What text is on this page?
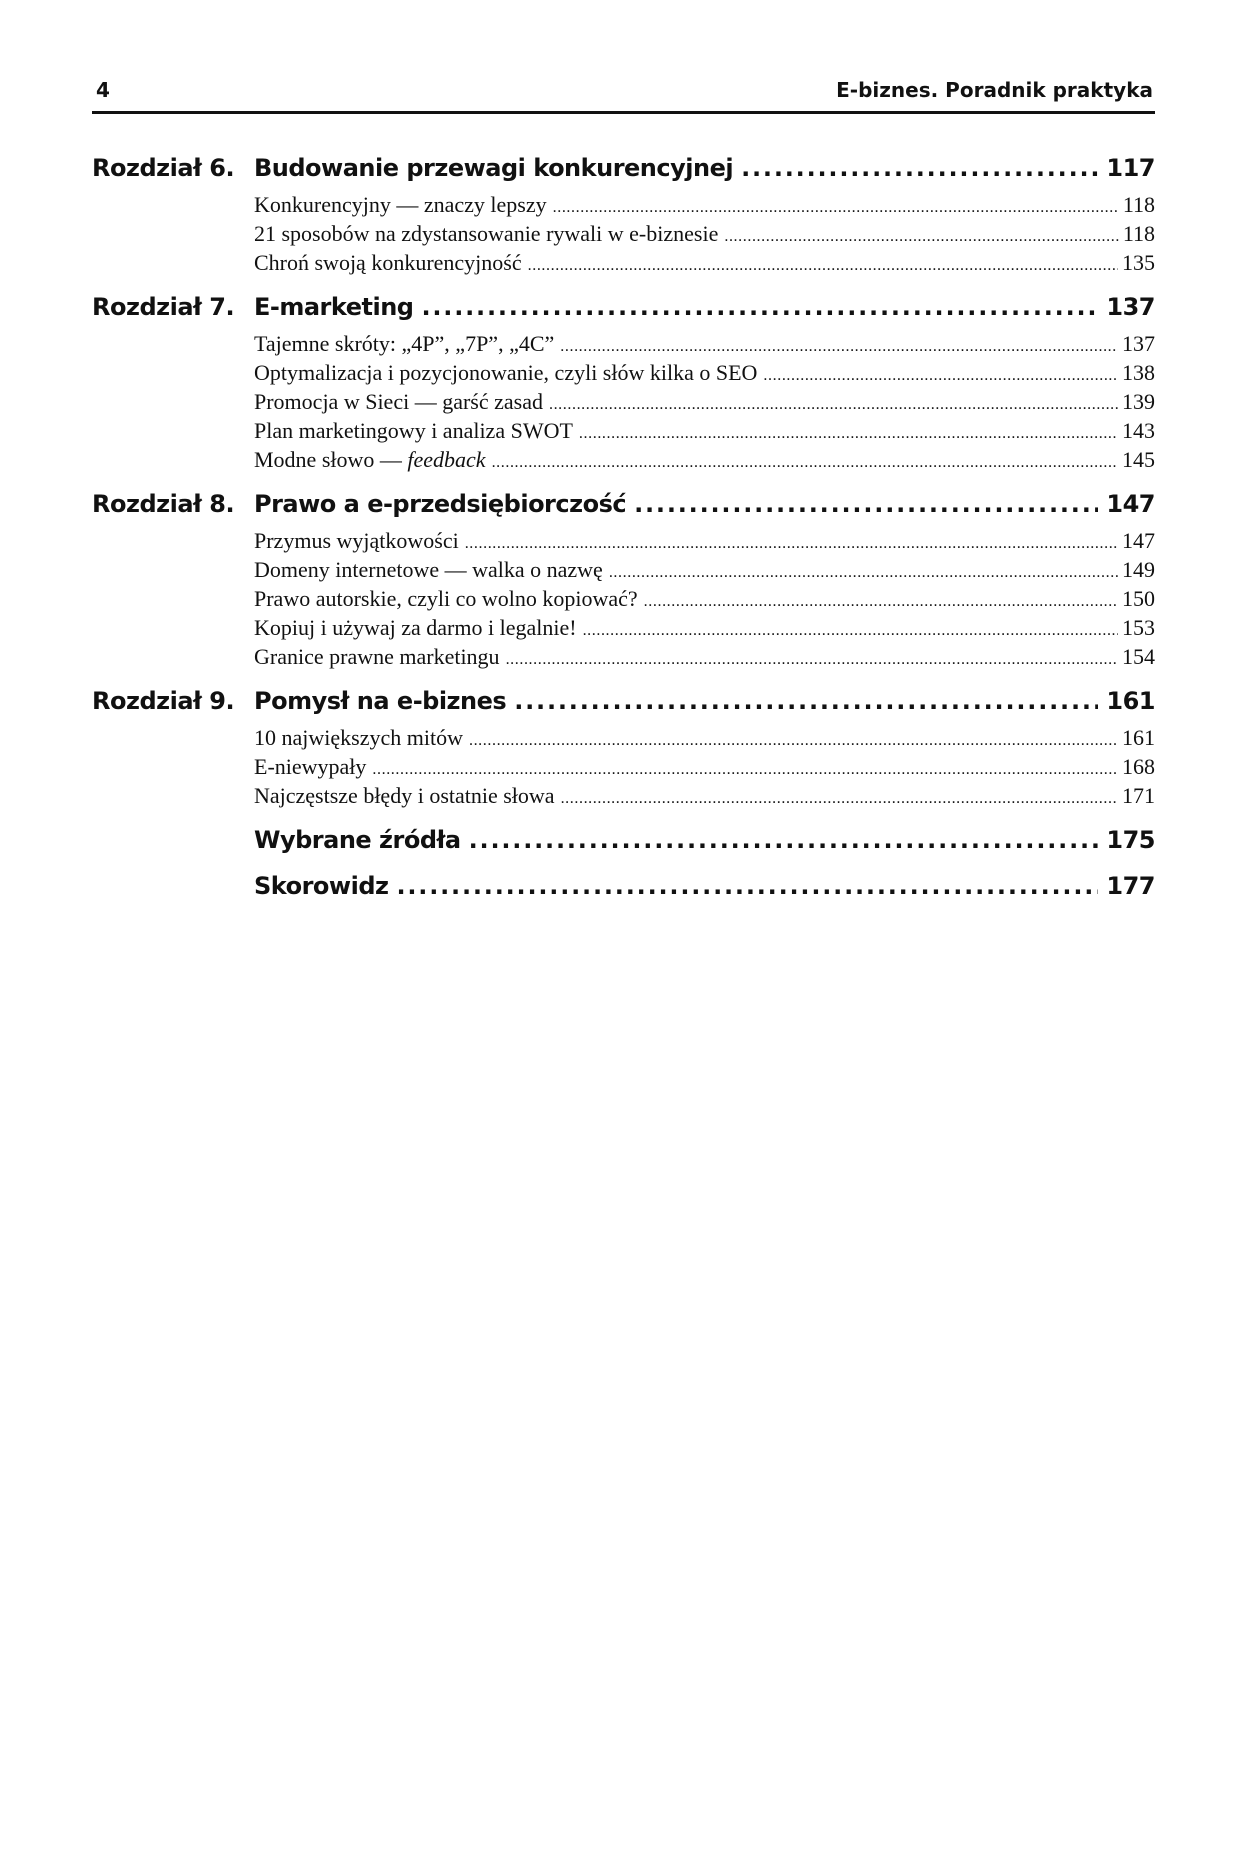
4	E-biznes. Poradnik praktyka
Rozdział 6. Budowanie przewagi konkurencyjnej .....	117
Konkurencyjny — znaczy lepszy .....	118
21 sposobów na zdystansowanie rywali w e-biznesie .....	118
Chroń swoją konkurencyjność .....	135
Rozdział 7. E-marketing .....	137
Tajemne skróty: „4P”, „7P”, „4C” .....	137
Optymalizacja i pozycjonowanie, czyli słów kilka o SEO .....	138
Promocja w Sieci — garść zasad .....	139
Plan marketingowy i analiza SWOT .....	143
Modne słowo — feedback .....	145
Rozdział 8. Prawo a e-przedsiębiorczość .....	147
Przymus wyjątkowości .....	147
Domeny internetowe — walka o nazwę .....	149
Prawo autorskie, czyli co wolno kopiować? .....	150
Kopiuj i używaj za darmo i legalnie! .....	153
Granice prawne marketingu .....	154
Rozdział 9. Pomysł na e-biznes .....	161
10 największych mitów .....	161
E-niewypały .....	168
Najczęstsze błędy i ostatnie słowa .....	171
Wybrane źródła .....	175
Skorowidz .....	177
